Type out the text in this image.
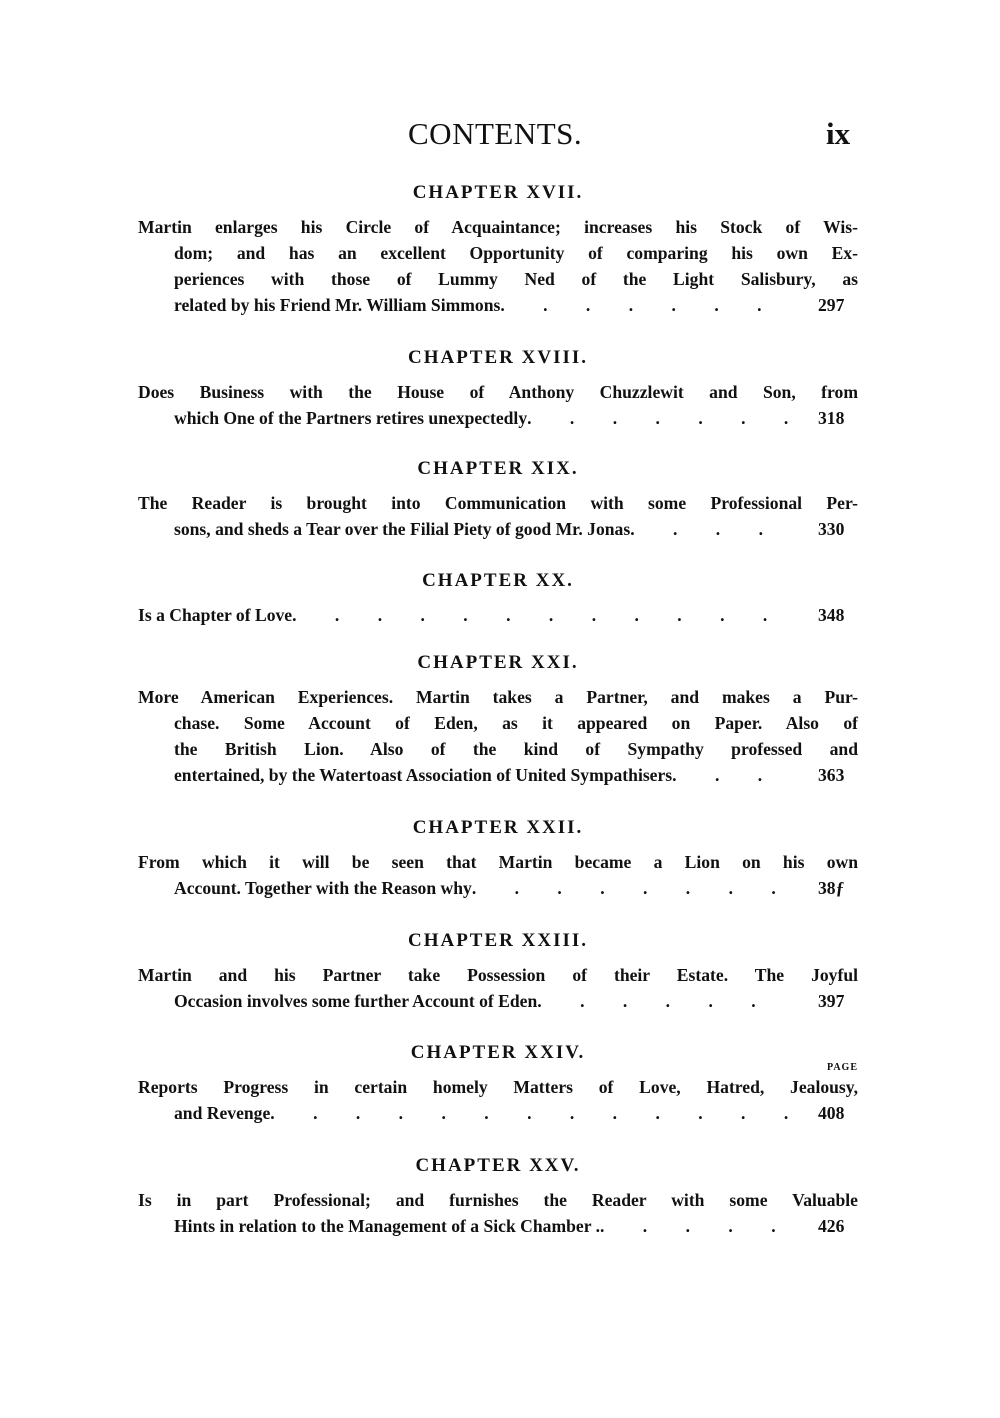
CONTENTS.	ix
CHAPTER XVII.
Martin enlarges his Circle of Acquaintance; increases his Stock of Wis-
dom; and has an excellent Opportunity of comparing his own Ex-
periences with those of Lummy Ned of the Light Salisbury, as
related by his Friend Mr. William Simmons . . . . . . .	297
CHAPTER XVIII.
Does Business with the House of Anthony Chuzzlewit and Son, from
which One of the Partners retires unexpectedly . . . . . . . 318
CHAPTER XIX.
The Reader is brought into Communication with some Professional Per-
sons, and sheds a Tear over the Filial Piety of good Mr. Jonas . . . .	330
CHAPTER XX.
Is a Chapter of Love . . . . . . . . . . . .	348
CHAPTER XXI.
More American Experiences. Martin takes a Partner, and makes a Pur-
chase. Some Account of Eden, as it appeared on Paper. Also of
the British Lion. Also of the kind of Sympathy professed and
entertained, by the Watertoast Association of United Sympathisers . . .	363
CHAPTER XXII.
From which it will be seen that Martin became a Lion on his own
Account. Together with the Reason why . . . . . . . .	38ƒ
CHAPTER XXIII.
Martin and his Partner take Possession of their Estate. The Joyful
Occasion involves some further Account of Eden . . . . . .	397
CHAPTER XXIV.
PAGE
Reports Progress in certain homely Matters of Love, Hatred, Jealousy,
and Revenge . . . . . . . . . . . . . 408
CHAPTER XXV.
Is in part Professional; and furnishes the Reader with some Valuable
Hints in relation to the Management of a Sick Chamber . . . . . .	426
